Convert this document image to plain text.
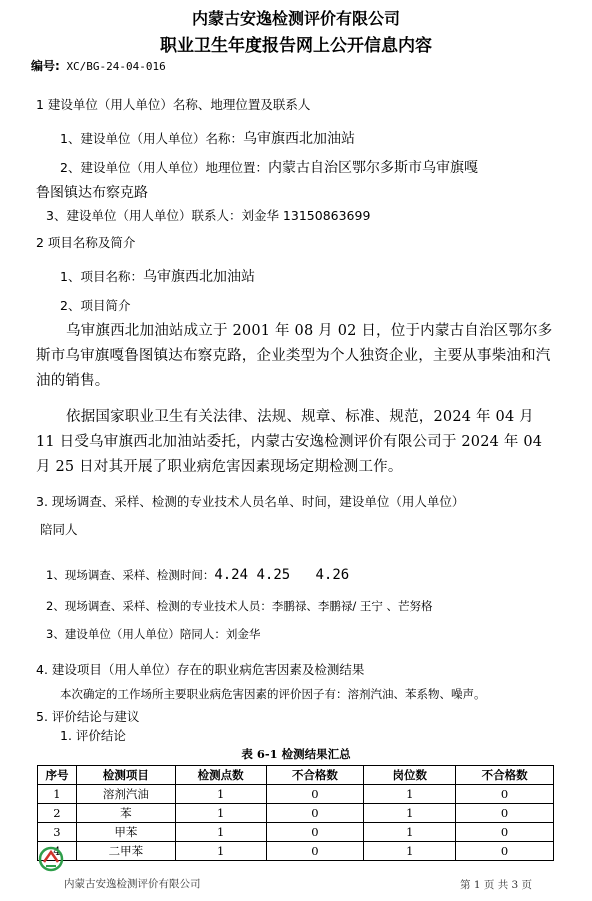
内蒙古安逸检测评价有限公司
职业卫生年度报告网上公开信息内容
编号: XC/BG-24-04-016
1 建设单位（用人单位）名称、地理位置及联系人
1、建设单位（用人单位）名称：乌审旗西北加油站
2、建设单位（用人单位）地理位置：内蒙古自治区鄂尔多斯市乌审旗嘎
鲁图镇达布察克路
3、建设单位（用人单位）联系人：刘金华 13150863699
2 项目名称及简介
1、项目名称：乌审旗西北加油站
2、项目简介
乌审旗西北加油站成立于 2001 年 08 月 02 日，位于内蒙古自治区鄂尔多斯市乌审旗嘎鲁图镇达布察克路，企业类型为个人独资企业，主要从事柴油和汽油的销售。
依据国家职业卫生有关法律、法规、规章、标准、规范，2024 年 04 月 11 日受乌审旗西北加油站委托，内蒙古安逸检测评价有限公司于 2024 年 04 月 25 日对其开展了职业病危害因素现场定期检测工作。
3. 现场调查、采样、检测的专业技术人员名单、时间，建设单位（用人单位）
陪同人
1、现场调查、采样、检测时间：4.24 4.25   4.26
2、现场调查、采样、检测的专业技术人员：李鹏禄、李鹏禄/ 王宁 、芒努格
3、建设单位（用人单位）陪同人：刘金华
4. 建设项目（用人单位）存在的职业病危害因素及检测结果
本次确定的工作场所主要职业病危害因素的评价因子有：溶剂汽油、苯系物、噪声。
5. 评价结论与建议
1. 评价结论
表 6-1 检测结果汇总
序号	检测项目	检测点数	不合格数	岗位数	不合格数
1	溶剂汽油	1	0	1	0
2	苯	1	0	1	0
3	甲苯	1	0	1	0
4	二甲苯	1	0	1	0
内蒙古安逸检测评价有限公司	第 1 页 共 3 页
